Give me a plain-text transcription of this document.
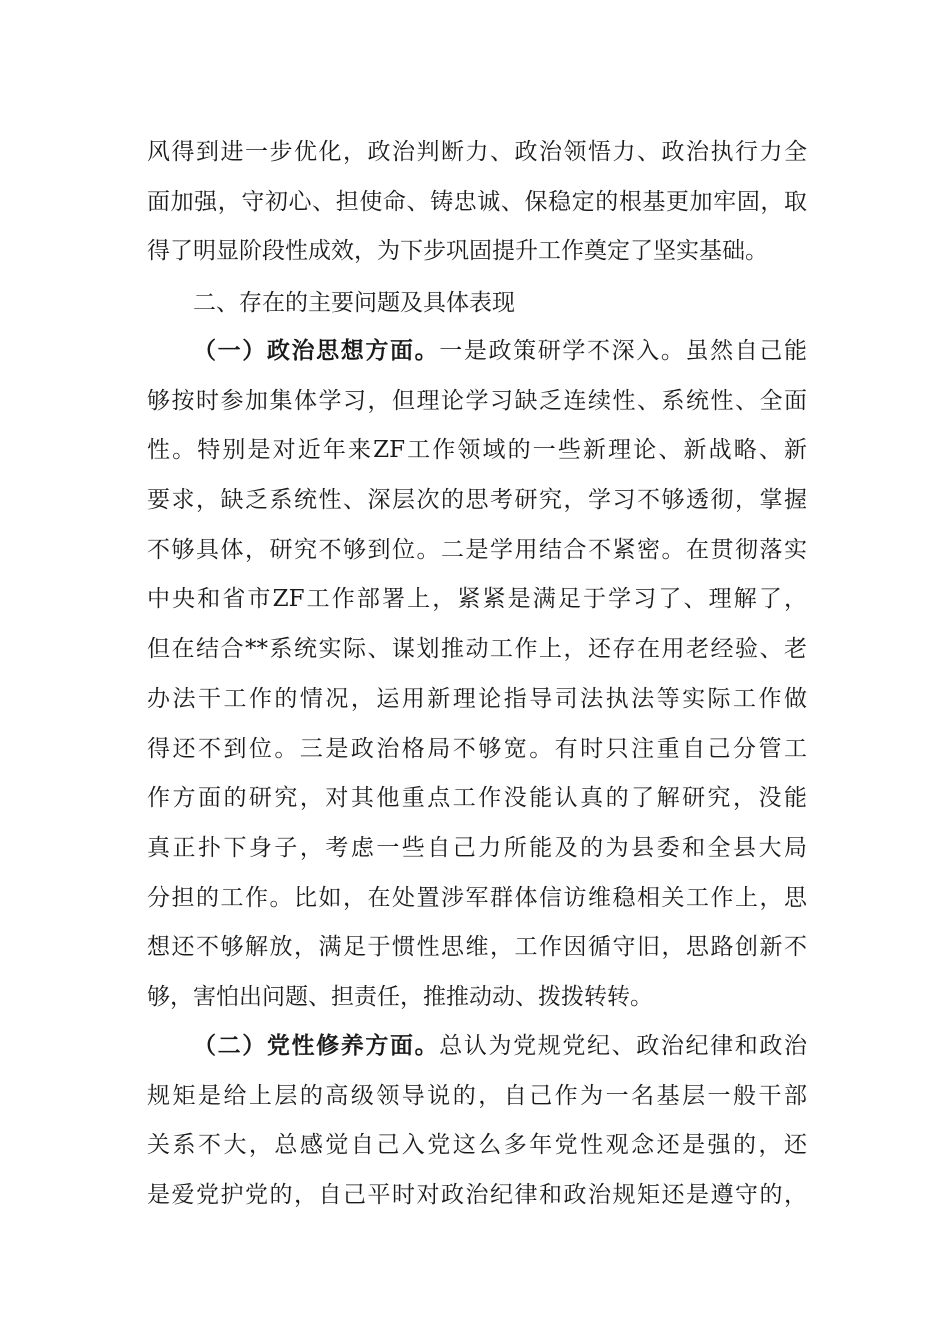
风得到进一步优化，政治判断力、政治领悟力、政治执行力全
面加强，守初心、担使命、铸忠诚、保稳定的根基更加牢固，取
得了明显阶段性成效，为下步巩固提升工作奠定了坚实基础。
二、存在的主要问题及具体表现
（一）政治思想方面。一是政策研学不深入。虽然自己能
够按时参加集体学习，但理论学习缺乏连续性、系统性、全面
性。特别是对近年来ZF工作领域的一些新理论、新战略、新
要求，缺乏系统性、深层次的思考研究，学习不够透彻，掌握
不够具体，研究不够到位。二是学用结合不紧密。在贯彻落实
中央和省市ZF工作部署上，紧紧是满足于学习了、理解了，
但在结合**系统实际、谋划推动工作上，还存在用老经验、老
办法干工作的情况，运用新理论指导司法执法等实际工作做
得还不到位。三是政治格局不够宽。有时只注重自己分管工
作方面的研究，对其他重点工作没能认真的了解研究，没能
真正扑下身子，考虑一些自己力所能及的为县委和全县大局
分担的工作。比如，在处置涉军群体信访维稳相关工作上，思
想还不够解放，满足于惯性思维，工作因循守旧，思路创新不
够，害怕出问题、担责任，推推动动、拨拨转转。
（二）党性修养方面。总认为党规党纪、政治纪律和政治
规矩是给上层的高级领导说的，自己作为一名基层一般干部
关系不大，总感觉自己入党这么多年党性观念还是强的，还
是爱党护党的，自己平时对政治纪律和政治规矩还是遵守的，
